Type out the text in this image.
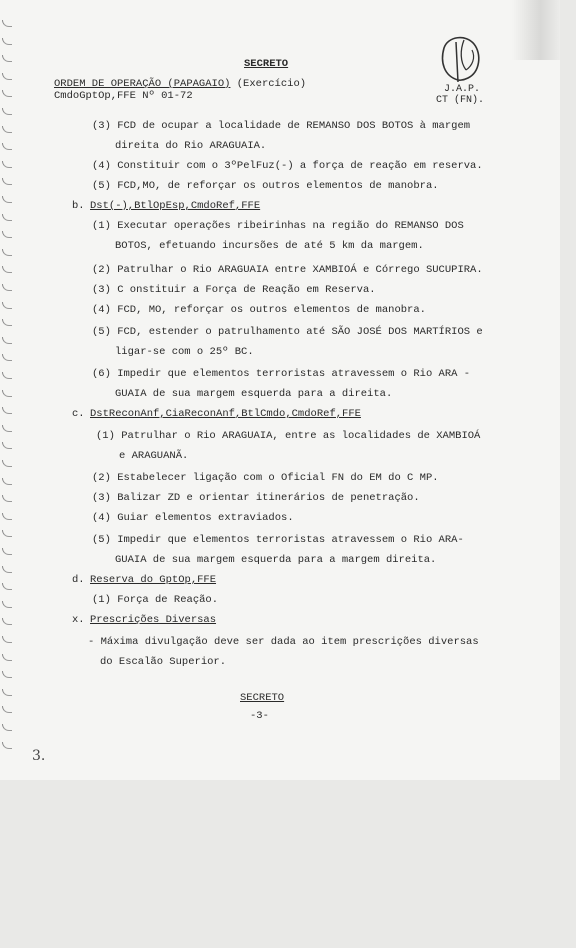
SECRETO
ORDEM DE OPERAÇÃO (PAPAGAIO) (Exercício)
CmdoGptOp,FFE Nº 01-72
J.A.P.
CT (FN).
(3) FCD de ocupar a localidade de REMANSO DOS BOTOS à margem
direita do Rio ARAGUAIA.
(4) Constituir com o 3ºPelFuz(-) a força de reação em reserva.
(5) FCD,MO, de reforçar os outros elementos de manobra.
b. Dst(-),BtlOpEsp,CmdoRef,FFE
(1) Executar operações ribeirinhas na região do REMANSO DOS
BOTOS, efetuando incursões de até 5 km da margem.
(2) Patrulhar o Rio ARAGUAIA entre XAMBIOÁ e Córrego SUCUPIRA.
(3) C onstituir a Força de Reação em Reserva.
(4) FCD, MO, reforçar os outros elementos de manobra.
(5) FCD, estender o patrulhamento até SÃO JOSÉ DOS MARTÍRIOS e
ligar-se com o 25º BC.
(6) Impedir que elementos terroristas atravessem o Rio ARA -
GUAIA de sua margem esquerda para a direita.
c. DstReconAnf,CiaReconAnf,BtlCmdo,CmdoRef,FFE
(1) Patrulhar o Rio ARAGUAIA, entre as localidades de XAMBIOÁ
e ARAGUANÃ.
(2) Estabelecer ligação com o Oficial FN do EM do C MP.
(3) Balizar ZD e orientar itinerários de penetração.
(4) Guiar elementos extraviados.
(5) Impedir que elementos terroristas atravessem o Rio ARA-
GUAIA de sua margem esquerda para a margem direita.
d. Reserva do GptOp,FFE
(1) Força de Reação.
x. Prescrições Diversas
- Máxima divulgação deve ser dada ao item prescrições diversas
do Escalão Superior.
SECRETO
-3-
3.
